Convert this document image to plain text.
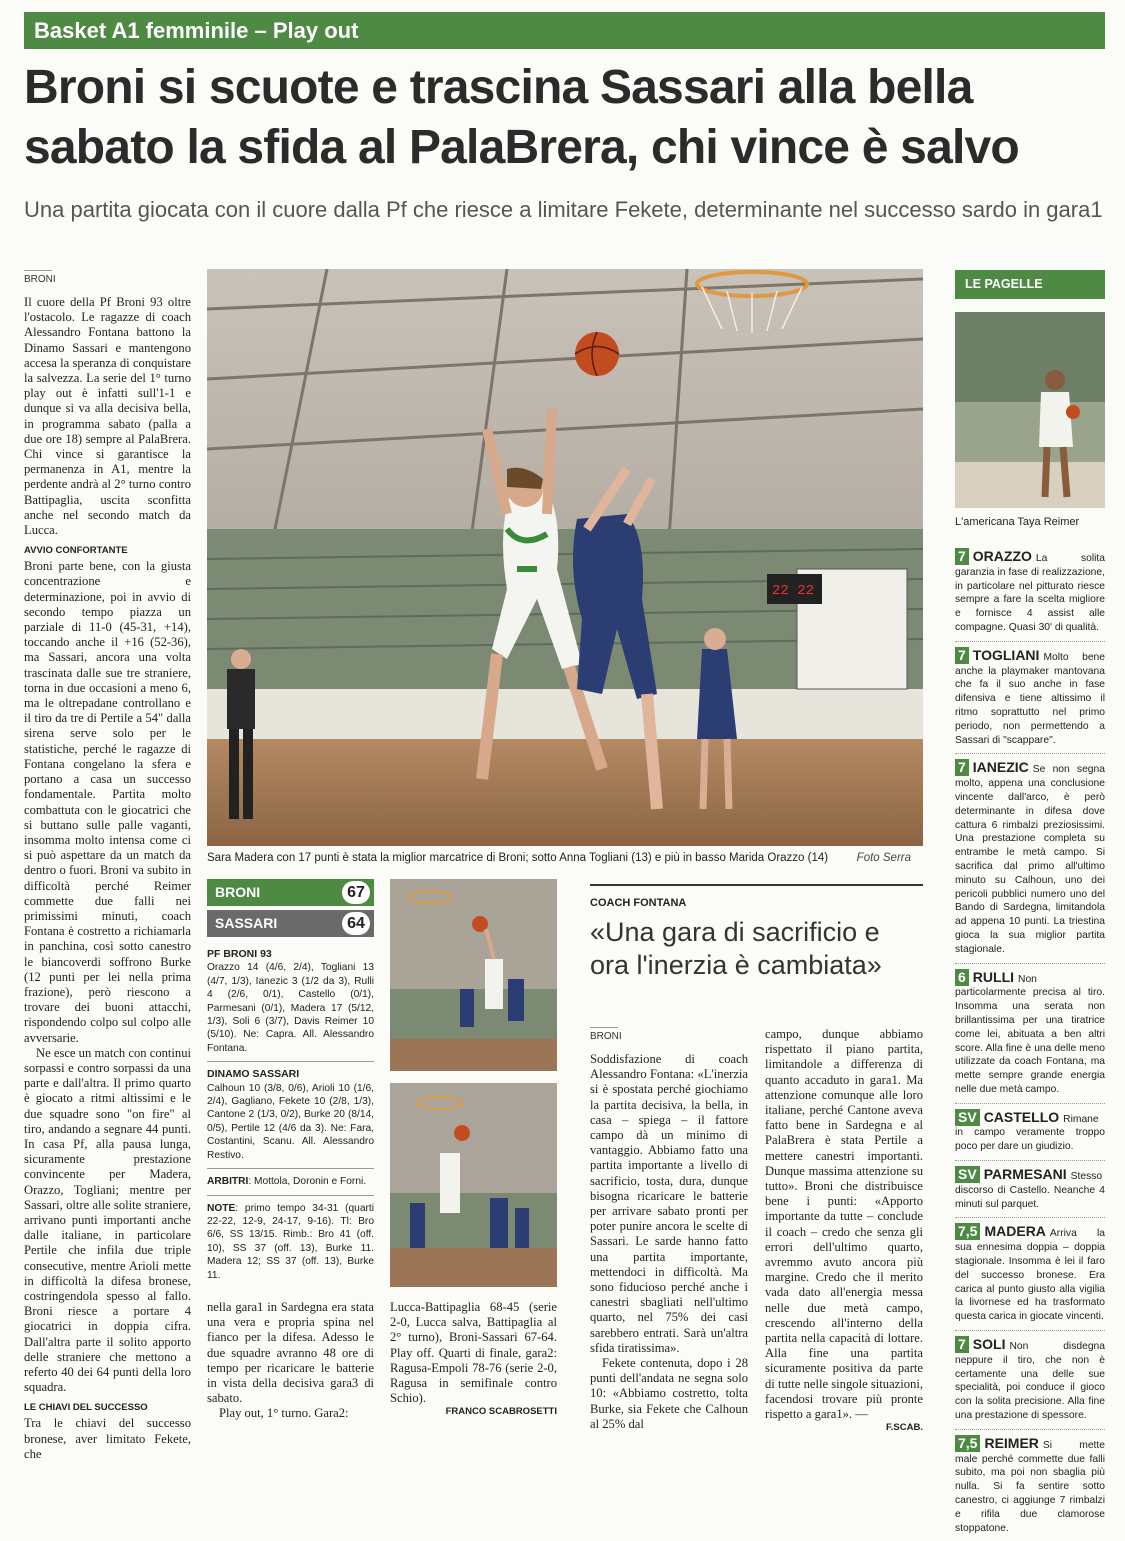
Basket A1 femminile – Play out
Broni si scuote e trascina Sassari alla bella sabato la sfida al PalaBrera, chi vince è salvo
Una partita giocata con il cuore dalla Pf che riesce a limitare Fekete, determinante nel successo sardo in gara1
BRONI

Il cuore della Pf Broni 93 oltre l'ostacolo. Le ragazze di coach Alessandro Fontana battono la Dinamo Sassari e mantengono accesa la speranza di conquistare la salvezza. La serie del 1° turno play out è infatti sull'1-1 e dunque si va alla decisiva bella, in programma sabato (palla a due ore 18) sempre al PalaBrera. Chi vince si garantisce la permanenza in A1, mentre la perdente andrà al 2° turno contro Battipaglia, uscita sconfitta anche nel secondo match da Lucca.

AVVIO CONFORTANTE

Broni parte bene, con la giusta concentrazione e determinazione, poi in avvio di secondo tempo piazza un parziale di 11-0 (45-31, +14), toccando anche il +16 (52-36), ma Sassari, ancora una volta trascinata dalle sue tre straniere, torna in due occasioni a meno 6, ma le oltrepadane controllano e il tiro da tre di Pertile a 54" dalla sirena serve solo per le statistiche, perché le ragazze di Fontana congelano la sfera e portano a casa un successo fondamentale. Partita molto combattuta con le giocatrici che si buttano sulle palle vaganti, insomma molto intensa come ci si può aspettare da un match da dentro o fuori. Broni va subito in difficoltà perché Reimer commette due falli nei primissimi minuti, coach Fontana è costretto a richiamarla in panchina, così sotto canestro le biancoverdi soffrono Burke (12 punti per lei nella prima frazione), però riescono a trovare dei buoni attacchi, rispondendo colpo sul colpo alle avversarie.

Ne esce un match con continui sorpassi e contro sorpassi da una parte e dall'altra. Il primo quarto è giocato a ritmi altissimi e le due squadre sono "on fire" al tiro, andando a segnare 44 punti. In casa Pf, alla pausa lunga, sicuramente prestazione convincente per Madera, Orazzo, Togliani; mentre per Sassari, oltre alle solite straniere, arrivano punti importanti anche dalle italiane, in particolare Pertile che infila due triple consecutive, mentre Arioli mette in difficoltà la difesa bronese, costringendola spesso al fallo. Broni riesce a portare 4 giocatrici in doppia cifra. Dall'altra parte il solito apporto delle straniere che mettono a referto 40 dei 64 punti della loro squadra.

LE CHIAVI DEL SUCCESSO

Tra le chiavi del successo bronese, aver limitato Fekete, che

22 22
Sara Madera con 17 punti è stata la miglior marcatrice di Broni; sotto Anna Togliani (13) e più in basso Marida Orazzo (14) Foto Serra
BRONI	67
SASSARI	64

PF BRONI 93

Orazzo 14 (4/6, 2/4), Togliani 13 (4/7, 1/3), Ianezic 3 (1/2 da 3), Rulli 4 (2/6, 0/1), Castello (0/1), Parmesani (0/1), Madera 17 (5/12, 1/3), Soli 6 (3/7), Davis Reimer 10 (5/10). Ne: Capra. All. Alessandro Fontana.

DINAMO SASSARI

Calhoun 10 (3/8, 0/6), Arioli 10 (1/6, 2/4), Gagliano, Fekete 10 (2/8, 1/3), Cantone 2 (1/3, 0/2), Burke 20 (8/14, 0/5), Pertile 12 (4/6 da 3). Ne: Fara, Costantini, Scanu. All. Alessandro Restivo.

ARBITRI: Mottola, Doronin e Forni.

NOTE: primo tempo 34-31 (quarti 22-22, 12-9, 24-17, 9-16). Tl: Bro 6/6, SS 13/15. Rimb.: Bro 41 (off. 10), SS 37 (off. 13), Burke 11. Madera 12; SS 37 (off. 13), Burke 11.

nella gara1 in Sardegna era stata una vera e propria spina nel fianco per la difesa. Adesso le due squadre avranno 48 ore di tempo per ricaricare le batterie in vista della decisiva gara3 di sabato.

Play out, 1° turno. Gara2:

Lucca-Battipaglia 68-45 (serie 2-0, Lucca salva, Battipaglia al 2° turno), Broni-Sassari 67-64. Play off. Quarti di finale, gara2: Ragusa-Empoli 78-76 (serie 2-0, Ragusa in semifinale contro Schio).

FRANCO SCABROSETTI
COACH FONTANA
«Una gara di sacrificio e ora l'inerzia è cambiata»
BRONI

Soddisfazione di coach Alessandro Fontana: «L'inerzia si è spostata perché giochiamo la partita decisiva, la bella, in casa – spiega – il fattore campo dà un minimo di vantaggio. Abbiamo fatto una partita importante a livello di sacrificio, tosta, dura, dunque bisogna ricaricare le batterie per arrivare sabato pronti per poter punire ancora le scelte di Sassari. Le sarde hanno fatto una partita importante, mettendoci in difficoltà. Ma sono fiducioso perché anche i canestri sbagliati nell'ultimo quarto, nel 75% dei casi sarebbero entrati. Sarà un'altra sfida tiratissima».

Fekete contenuta, dopo i 28 punti dell'andata ne segna solo 10: «Abbiamo costretto, tolta Burke, sia Fekete che Calhoun al 25% dal

campo, dunque abbiamo rispettato il piano partita, limitandole a differenza di quanto accaduto in gara1. Ma attenzione comunque alle loro italiane, perché Cantone aveva fatto bene in Sardegna e al PalaBrera è stata Pertile a mettere canestri importanti. Dunque massima attenzione su tutto». Broni che distribuisce bene i punti: «Apporto importante da tutte – conclude il coach – credo che senza gli errori dell'ultimo quarto, avremmo avuto ancora più margine. Credo che il merito vada dato all'energia messa nelle due metà campo, crescendo all'interno della partita nella capacità di lottare. Alla fine una partita sicuramente positiva da parte di tutte nelle singole situazioni, facendosi trovare più pronte rispetto a gara1». —

F.SCAB.
LE PAGELLE
L'americana Taya Reimer

7 ORAZZO La solita garanzia in fase di realizzazione, in particolare nel pitturato riesce sempre a fare la scelta migliore e fornisce 4 assist alle compagne. Quasi 30' di qualità.

7 TOGLIANI Molto bene anche la playmaker mantovana che fa il suo anche in fase difensiva e tiene altissimo il ritmo soprattutto nel primo periodo, non permettendo a Sassari di "scappare".

7 IANEZIC Se non segna molto, appena una conclusione vincente dall'arco, è però determinante in difesa dove cattura 6 rimbalzi preziosissimi. Una prestazione completa su entrambe le metà campo. Si sacrifica dal primo all'ultimo minuto su Calhoun, uno dei pericoli pubblici numero uno del Bando di Sardegna, limitandola ad appena 10 punti. La triestina gioca la sua miglior partita stagionale.

6 RULLI Non particolarmente precisa al tiro. Insomma una serata non brillantissima per una tiratrice come lei, abituata a ben altri score. Alla fine è una delle meno utilizzate da coach Fontana, ma mette sempre grande energia nelle due metà campo.

SV CASTELLO Rimane in campo veramente troppo poco per dare un giudizio.

SV PARMESANI Stesso discorso di Castello. Neanche 4 minuti sul parquet.

7,5 MADERA Arriva la sua ennesima doppia – doppia stagionale. Insomma è lei il faro del successo bronese. Era carica al punto giusto alla vigilia la livornese ed ha trasformato questa carica in giocate vincenti.

7 SOLI Non disdegna neppure il tiro, che non è certamente una delle sue specialità, poi conduce il gioco con la solita precisione. Alla fine una prestazione di spessore.

7,5 REIMER Si mette male perché commette due falli subito, ma poi non sbaglia più nulla. Si fa sentire sotto canestro, ci aggiunge 7 rimbalzi e rifila due clamorose stoppatone.
